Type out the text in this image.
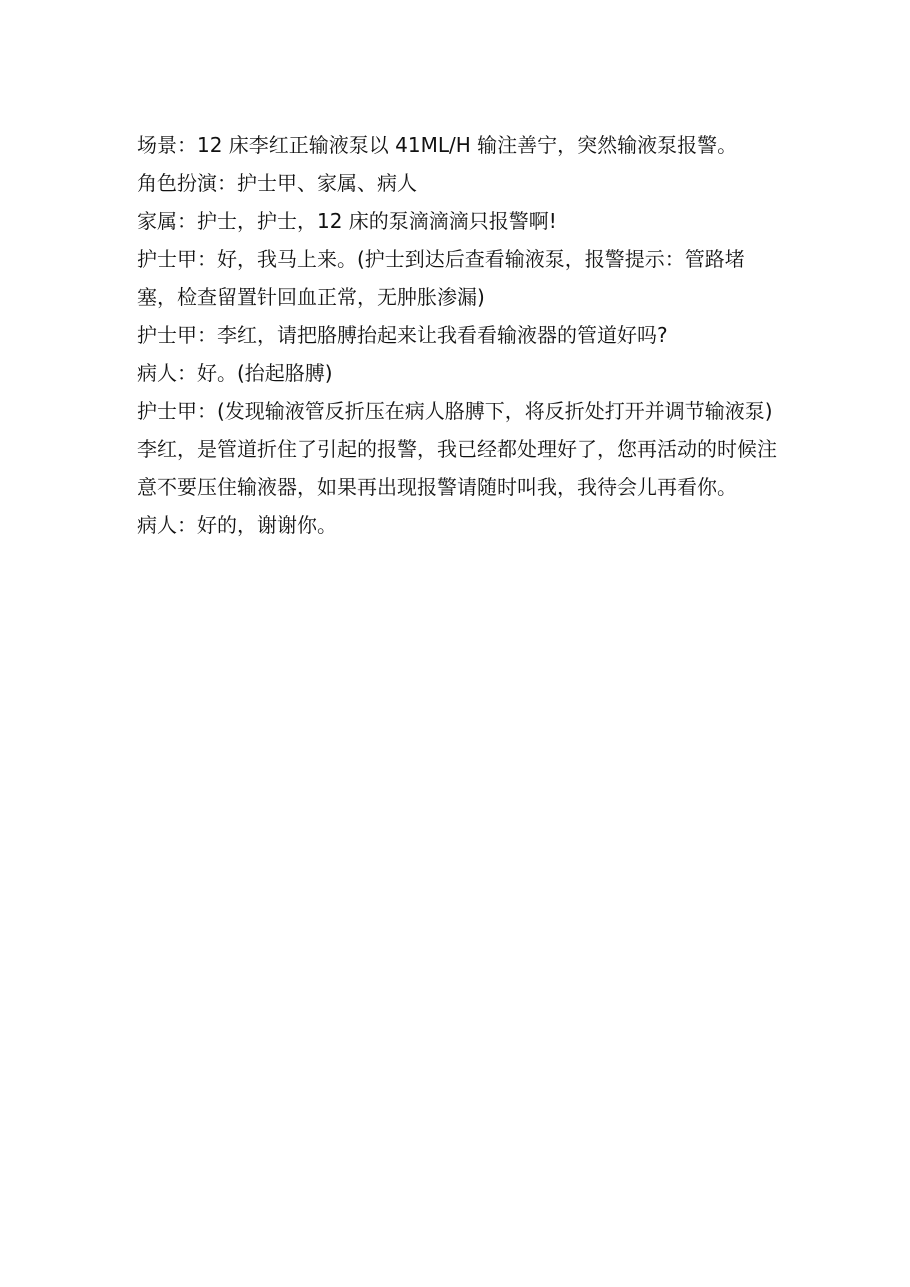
场景：12 床李红正输液泵以 41ML/H 输注善宁，突然输液泵报警。

角色扮演：护士甲、家属、病人

家属：护士，护士，12 床的泵滴滴滴只报警啊!

护士甲：好，我马上来。(护士到达后查看输液泵，报警提示：管路堵塞，检查留置针回血正常，无肿胀渗漏)

护士甲：李红，请把胳膊抬起来让我看看输液器的管道好吗?

病人：好。(抬起胳膊)

护士甲：(发现输液管反折压在病人胳膊下，将反折处打开并调节输液泵)李红，是管道折住了引起的报警，我已经都处理好了，您再活动的时候注意不要压住输液器，如果再出现报警请随时叫我，我待会儿再看你。

病人：好的，谢谢你。
